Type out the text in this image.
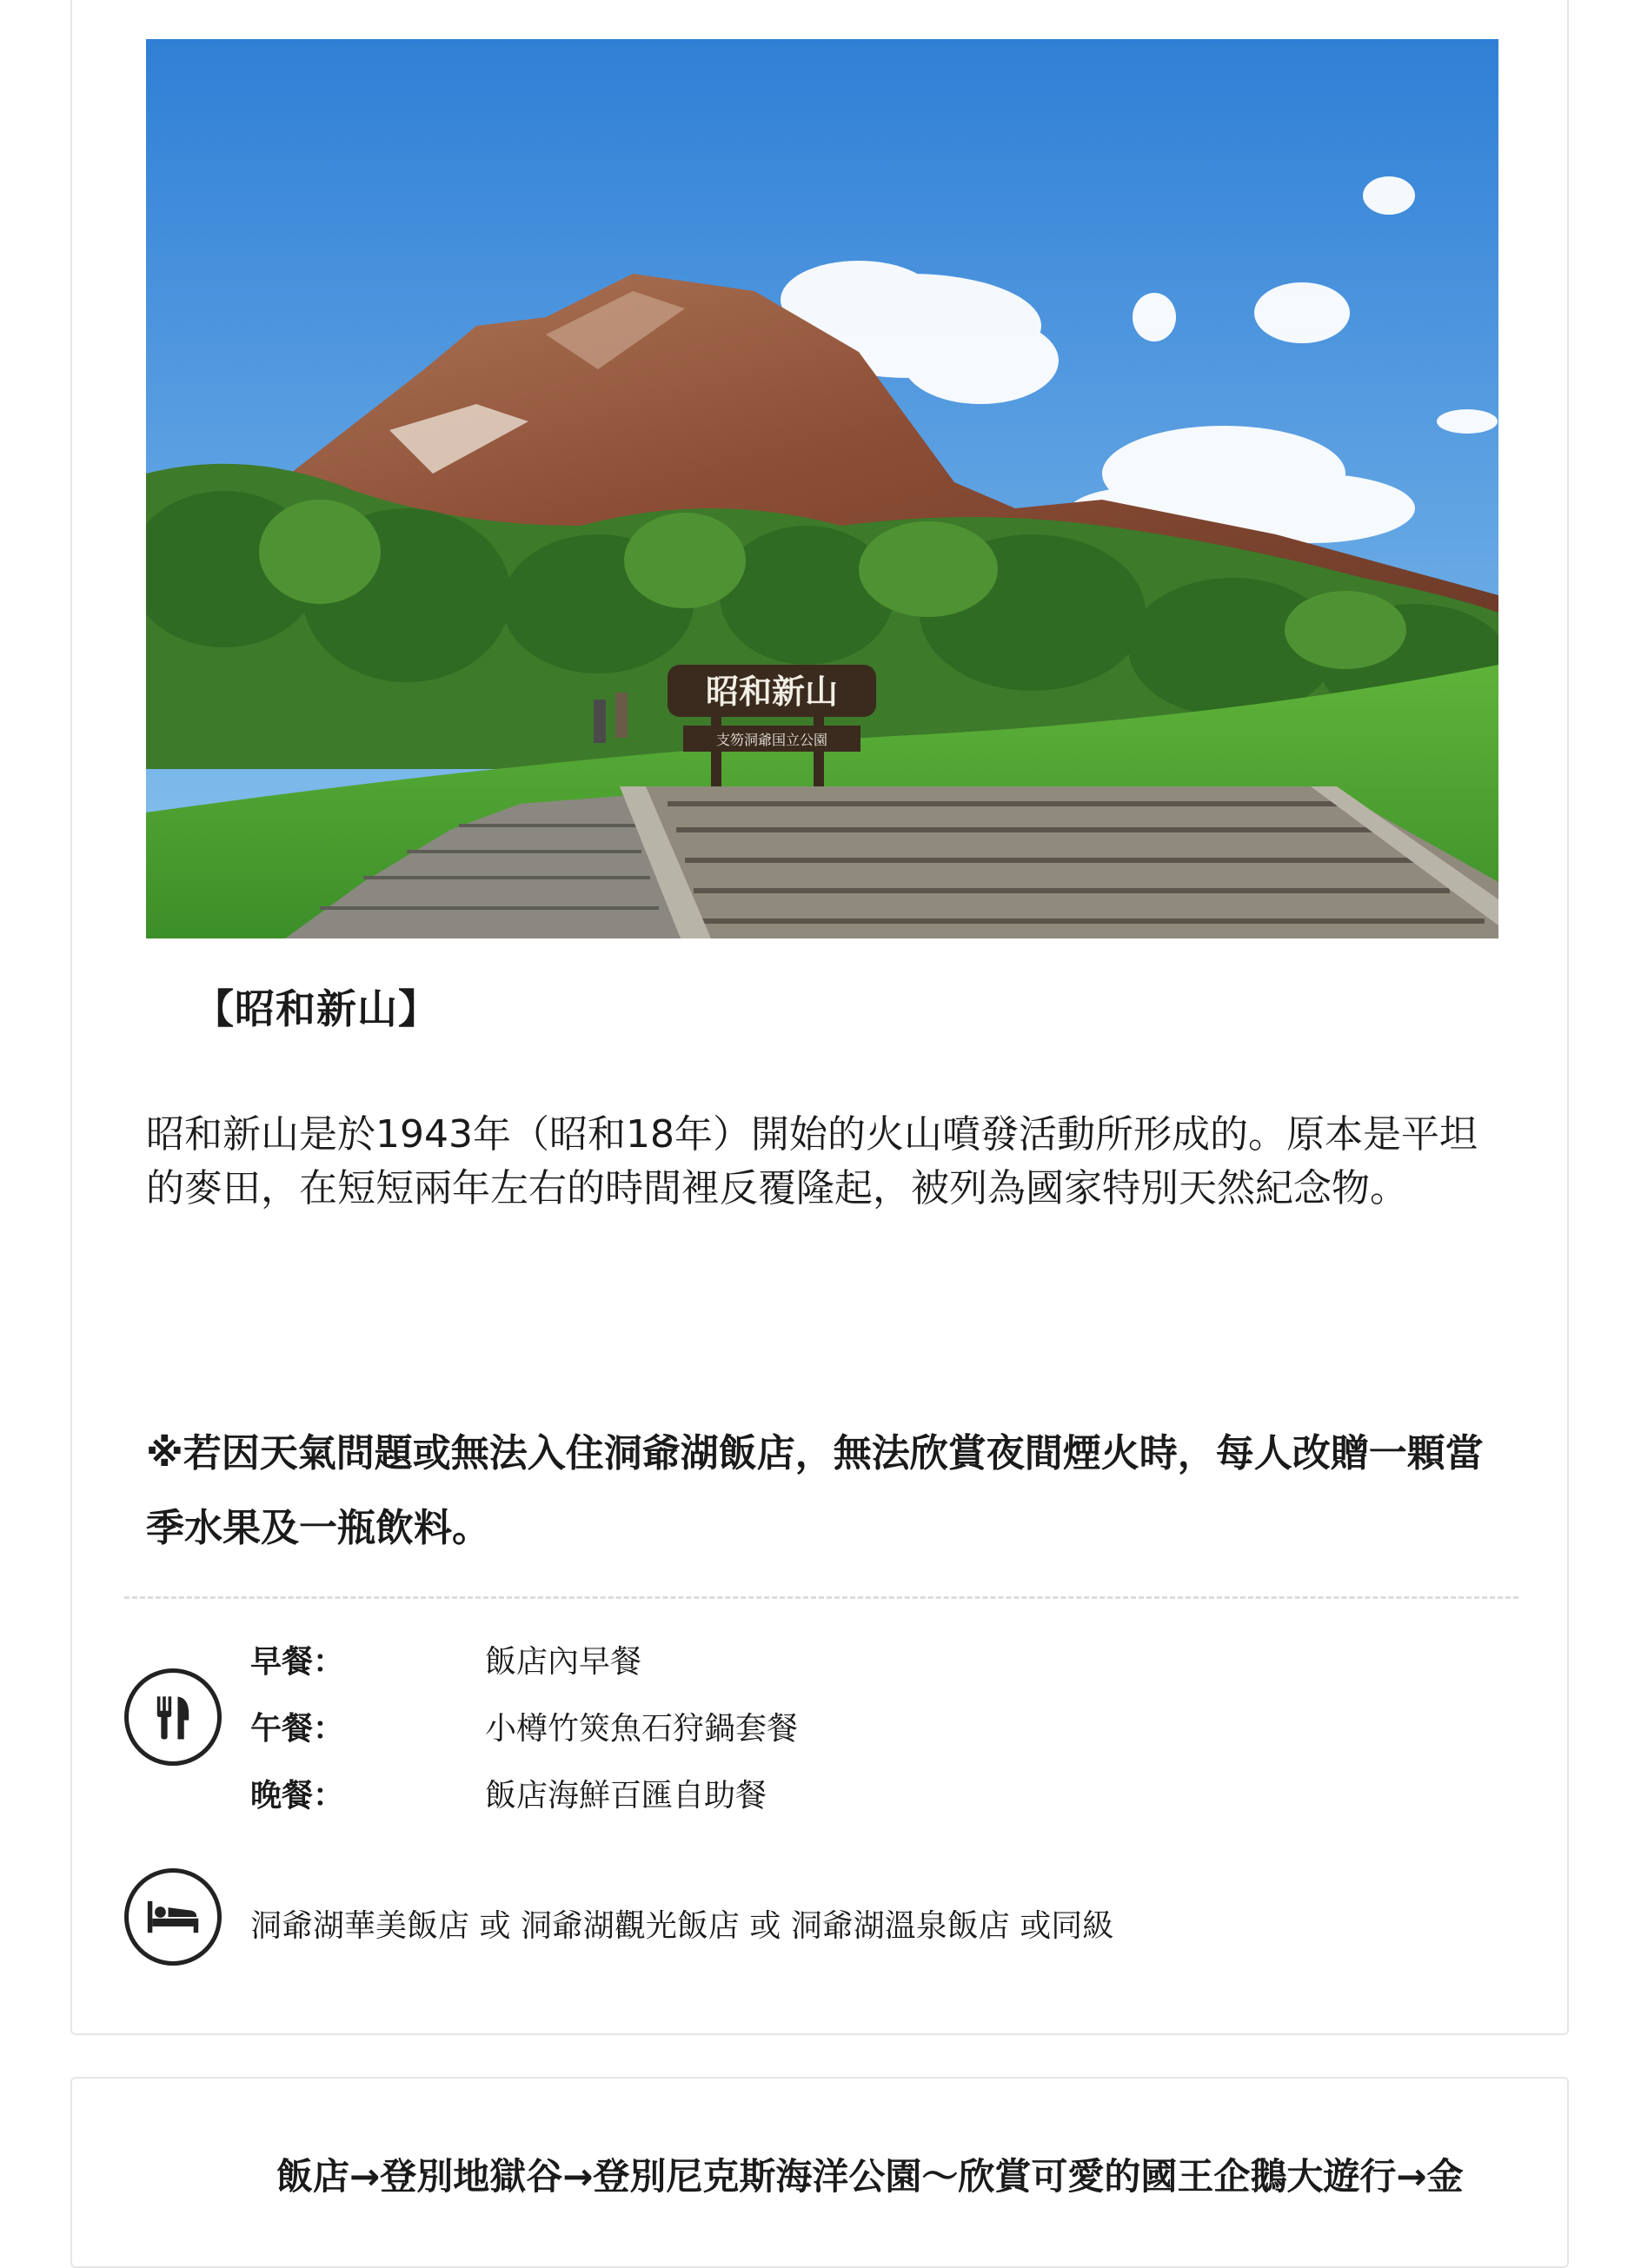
昭和新山
支笏洞爺国立公園
【昭和新山】
昭和新山是於1943年（昭和18年）開始的火山噴發活動所形成的。原本是平坦的麥田，在短短兩年左右的時間裡反覆隆起，被列為國家特別天然紀念物。
※若因天氣問題或無法入住洞爺湖飯店，無法欣賞夜間煙火時，每人改贈一顆當季水果及一瓶飲料。
早餐：	飯店內早餐
午餐：	小樽竹筴魚石狩鍋套餐
晚餐：	飯店海鮮百匯自助餐
洞爺湖華美飯店 或 洞爺湖觀光飯店 或 洞爺湖溫泉飯店 或同級
飯店→登別地獄谷→登別尼克斯海洋公園～欣賞可愛的國王企鵝大遊行→金
